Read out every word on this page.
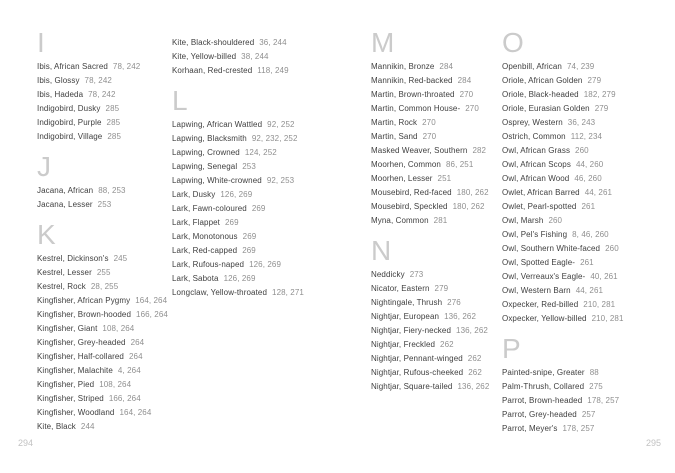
I
Ibis, African Sacred 78, 242
Ibis, Glossy 78, 242
Ibis, Hadeda 78, 242
Indigobird, Dusky 285
Indigobird, Purple 285
Indigobird, Village 285
J
Jacana, African 88, 253
Jacana, Lesser 253
K
Kestrel, Dickinson's 245
Kestrel, Lesser 255
Kestrel, Rock 28, 255
Kingfisher, African Pygmy 164, 264
Kingfisher, Brown-hooded 166, 264
Kingfisher, Giant 108, 264
Kingfisher, Grey-headed 264
Kingfisher, Half-collared 264
Kingfisher, Malachite 4, 264
Kingfisher, Pied 108, 264
Kingfisher, Striped 166, 264
Kingfisher, Woodland 164, 264
Kite, Black 244
Kite, Black-shouldered 36, 244
Kite, Yellow-billed 38, 244
Korhaan, Red-crested 118, 249
L
Lapwing, African Wattled 92, 252
Lapwing, Blacksmith 92, 232, 252
Lapwing, Crowned 124, 252
Lapwing, Senegal 253
Lapwing, White-crowned 92, 253
Lark, Dusky 126, 269
Lark, Fawn-coloured 269
Lark, Flappet 269
Lark, Monotonous 269
Lark, Red-capped 269
Lark, Rufous-naped 126, 269
Lark, Sabota 126, 269
Longclaw, Yellow-throated 128, 271
M
Mannikin, Bronze 284
Mannikin, Red-backed 284
Martin, Brown-throated 270
Martin, Common House- 270
Martin, Rock 270
Martin, Sand 270
Masked Weaver, Southern 282
Moorhen, Common 86, 251
Moorhen, Lesser 251
Mousebird, Red-faced 180, 262
Mousebird, Speckled 180, 262
Myna, Common 281
N
Neddicky 273
Nicator, Eastern 279
Nightingale, Thrush 276
Nightjar, European 136, 262
Nightjar, Fiery-necked 136, 262
Nightjar, Freckled 262
Nightjar, Pennant-winged 262
Nightjar, Rufous-cheeked 262
Nightjar, Square-tailed 136, 262
O
Openbill, African 74, 239
Oriole, African Golden 279
Oriole, Black-headed 182, 279
Oriole, Eurasian Golden 279
Osprey, Western 36, 243
Ostrich, Common 112, 234
Owl, African Grass 260
Owl, African Scops 44, 260
Owl, African Wood 46, 260
Owlet, African Barred 44, 261
Owlet, Pearl-spotted 261
Owl, Marsh 260
Owl, Pel's Fishing 8, 46, 260
Owl, Southern White-faced 260
Owl, Spotted Eagle- 261
Owl, Verreaux's Eagle- 40, 261
Owl, Western Barn 44, 261
Oxpecker, Red-billed 210, 281
Oxpecker, Yellow-billed 210, 281
P
Painted-snipe, Greater 88
Palm-Thrush, Collared 275
Parrot, Brown-headed 178, 257
Parrot, Grey-headed 257
Parrot, Meyer's 178, 257
294	295
